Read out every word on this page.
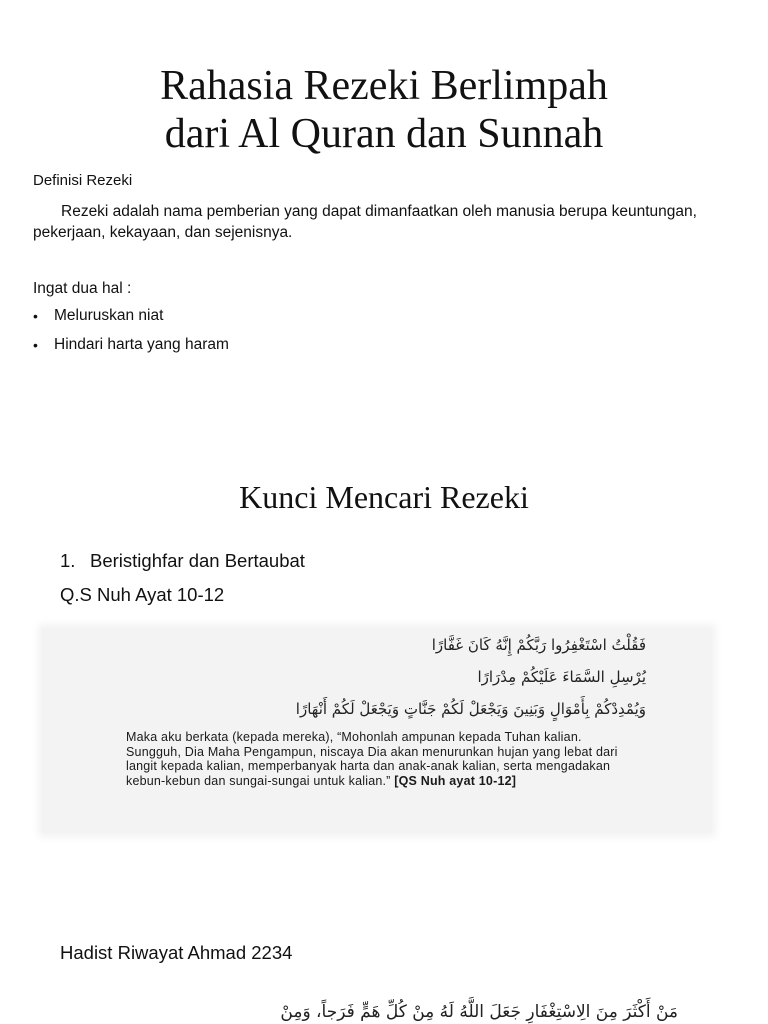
Rahasia Rezeki Berlimpah
dari Al Quran dan Sunnah
Definisi Rezeki
Rezeki adalah nama pemberian yang dapat dimanfaatkan oleh manusia berupa keuntungan, pekerjaan, kekayaan, dan sejenisnya.
Ingat dua hal :
•	Meluruskan niat
•	Hindari harta yang haram
Kunci Mencari Rezeki
1. Beristighfar dan Bertaubat
Q.S Nuh Ayat 10-12
فَقُلْتُ اسْتَغْفِرُوا رَبَّكُمْ إِنَّهُ كَانَ غَفَّارًا
يُرْسِلِ السَّمَاءَ عَلَيْكُمْ مِدْرَارًا
وَيُمْدِدْكُمْ بِأَمْوَالٍ وَبَنِينَ وَيَجْعَلْ لَكُمْ جَنَّاتٍ وَيَجْعَلْ لَكُمْ أَنْهَارًا
Maka aku berkata (kepada mereka), “Mohonlah ampunan kepada Tuhan kalian. Sungguh, Dia Maha Pengampun, niscaya Dia akan menurunkan hujan yang lebat dari langit kepada kalian, memperbanyak harta dan anak-anak kalian, serta mengadakan kebun-kebun dan sungai-sungai untuk kalian.” [QS Nuh ayat 10-12]
Hadist Riwayat Ahmad 2234
مَنْ أَكْثَرَ مِنَ الِاسْتِغْفَارِ جَعَلَ اللَّهُ لَهُ مِنْ كُلِّ هَمٍّ فَرَجاً، وَمِنْ
